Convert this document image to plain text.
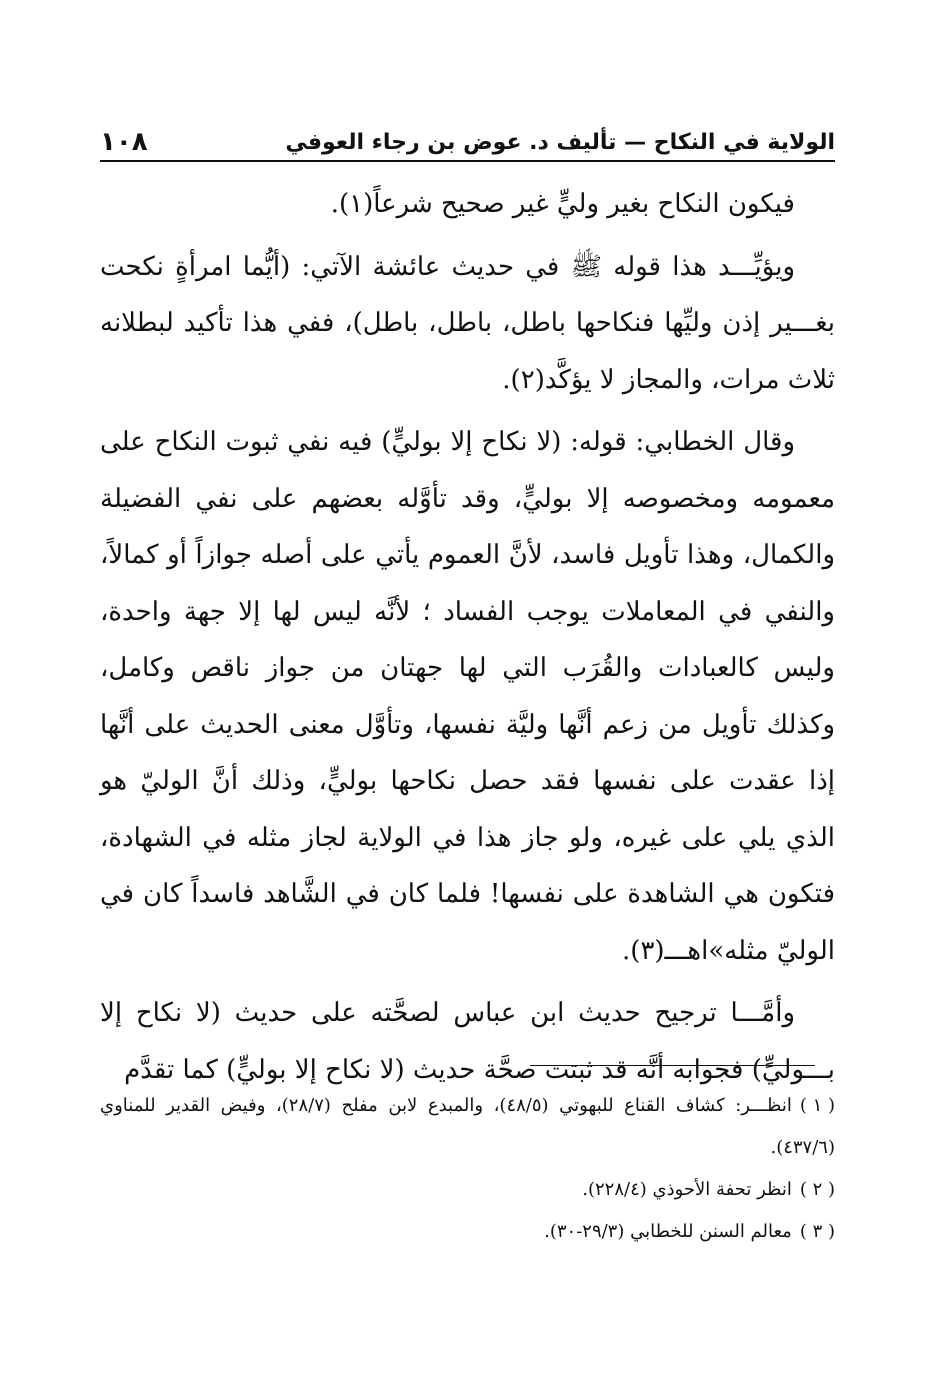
الولاية في النكاح — تأليف د. عوض بن رجاء العوفي
١٠٨

فيكون النكاح بغير وليٍّ غير صحيح شرعاً(١).

ويؤيِّـــد هذا قوله ﷺ في حديث عائشة الآتي: (أيُّما امرأةٍ نكحت بغـــير إذن وليِّها فنكاحها باطل، باطل، باطل)، ففي هذا تأكيد لبطلانه ثلاث مرات، والمجاز لا يؤكَّد(٢).

وقال الخطابي: قوله: (لا نكاح إلا بوليٍّ) فيه نفي ثبوت النكاح على معمومه ومخصوصه إلا بوليٍّ، وقد تأوَّله بعضهم على نفي الفضيلة والكمال، وهذا تأويل فاسد، لأنَّ العموم يأتي على أصله جوازاً أو كمالاً، والنفي في المعاملات يوجب الفساد ؛ لأنَّه ليس لها إلا جهة واحدة، وليس كالعبادات والقُرَب التي لها جهتان من جواز ناقص وكامل، وكذلك تأويل من زعم أنَّها وليَّة نفسها، وتأوَّل معنى الحديث على أنَّها إذا عقدت على نفسها فقد حصل نكاحها بوليٍّ، وذلك أنَّ الوليّ هو الذي يلي على غيره، ولو جاز هذا في الولاية لجاز مثله في الشهادة، فتكون هي الشاهدة على نفسها! فلما كان في الشَّاهد فاسداً كان في الوليّ مثله»اهـــ(٣).

وأمَّـــا ترجيح حديث ابن عباس لصحَّته على حديث (لا نكاح إلا بـــوليٍّ) فجوابه أنَّه قد ثبتت صحَّة حديث (لا نكاح إلا بوليٍّ) كما تقدَّم

( ١ )انظـــر: كشاف القناع للبهوتي (٤٨/٥)، والمبدع لابن مفلح (٢٨/٧)، وفيض القدير للمناوي (٤٣٧/٦).

( ٢ )انظر تحفة الأحوذي (٢٢٨/٤).

( ٣ )معالم السنن للخطابي (٢٩/٣-٣٠).
